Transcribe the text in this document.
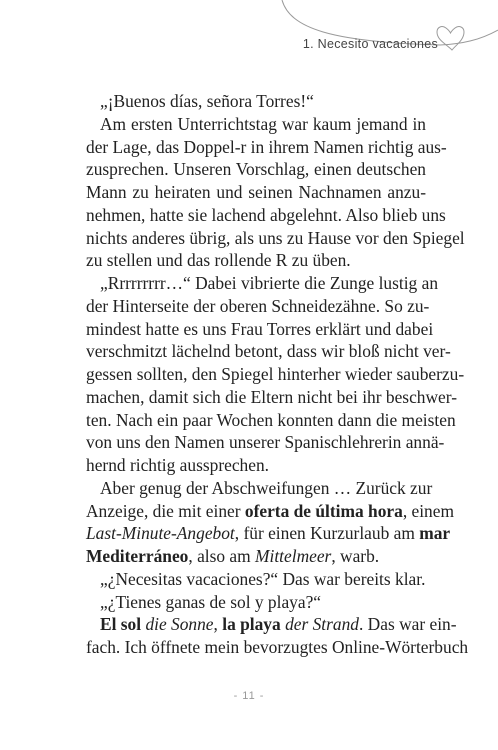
1. Necesito vacaciones
„¡Buenos días, señora Torres!“
Am ersten Unterrichtstag war kaum jemand in
der Lage, das Doppel-r in ihrem Namen richtig aus-
zusprechen. Unseren Vorschlag, einen deutschen
Mann zu heiraten und seinen Nachnamen anzu-
nehmen, hatte sie lachend abgelehnt. Also blieb uns
nichts anderes übrig, als uns zu Hause vor den Spiegel
zu stellen und das rollende R zu üben.
„Rrrrrrrrr…“ Dabei vibrierte die Zunge lustig an
der Hinterseite der oberen Schneidezähne. So zu-
mindest hatte es uns Frau Torres erklärt und dabei
verschmitzt lächelnd betont, dass wir bloß nicht ver-
gessen sollten, den Spiegel hinterher wieder sauberzu-
machen, damit sich die Eltern nicht bei ihr beschwer-
ten. Nach ein paar Wochen konnten dann die meisten
von uns den Namen unserer Spanischlehrerin annä-
hernd richtig aussprechen.
Aber genug der Abschweifungen … Zurück zur
Anzeige, die mit einer oferta de última hora, einem
Last-Minute-Angebot, für einen Kurzurlaub am mar
Mediterráneo, also am Mittelmeer, warb.
„¿Necesitas vacaciones?“ Das war bereits klar.
„¿Tienes ganas de sol y playa?“
El sol die Sonne, la playa der Strand. Das war ein-
fach. Ich öffnete mein bevorzugtes Online-Wörterbuch
- 11 -
